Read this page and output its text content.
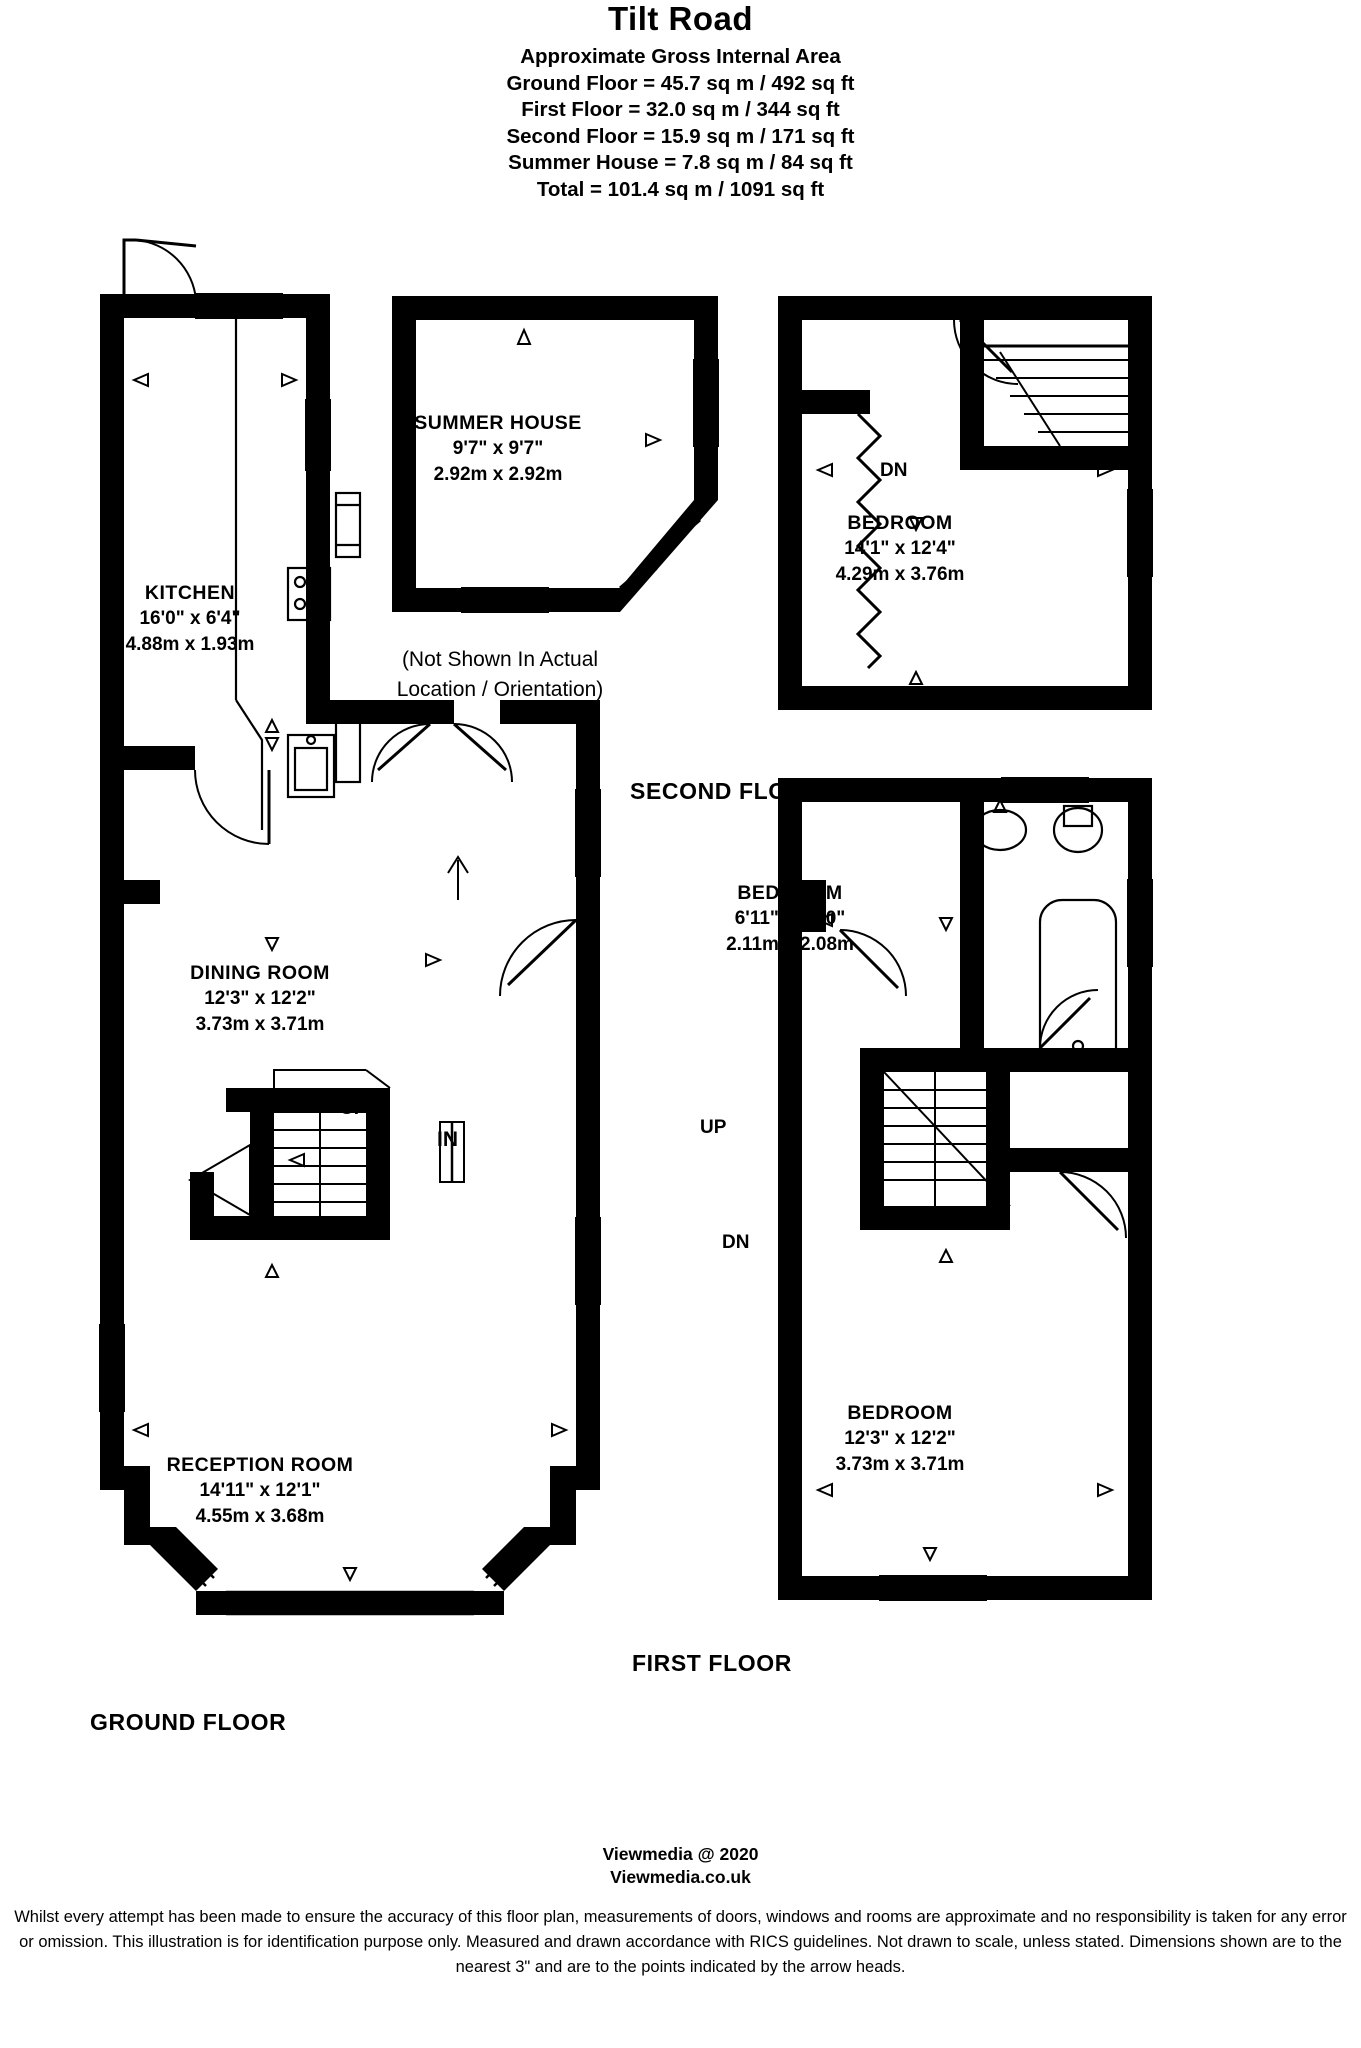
Tilt Road
Approximate Gross Internal Area
Ground Floor = 45.7 sq m / 492 sq ft
First Floor = 32.0 sq m / 344 sq ft
Second Floor = 15.9 sq m / 171 sq ft
Summer House = 7.8 sq m / 84 sq ft
Total = 101.4 sq m / 1091 sq ft
KITCHEN
16'0" x 6'4"
4.88m x 1.93m
DINING ROOM
12'3" x 12'2"
3.73m x 3.71m
RECEPTION ROOM
14'11" x 12'1"
4.55m x 3.68m
UP
IN
GROUND FLOOR
SUMMER HOUSE
9'7" x 9'7"
2.92m x 2.92m
(Not Shown In Actual
Location / Orientation)
BEDROOM
14'1" x 12'4"
4.29m x 3.76m
DN
SECOND FLOOR
BEDROOM
6'11" x 6'10"
2.11m x 2.08m
BEDROOM
12'3" x 12'2"
3.73m x 3.71m
UP
DN
FIRST FLOOR
Viewmedia @ 2020
Viewmedia.co.uk
Whilst every attempt has been made to ensure the accuracy of this floor plan, measurements of doors, windows and rooms are approximate and no responsibility is taken for any error or omission. This illustration is for identification purpose only. Measured and drawn accordance with RICS guidelines. Not drawn to scale, unless stated. Dimensions shown are to the nearest 3" and are to the points indicated by the arrow heads.
